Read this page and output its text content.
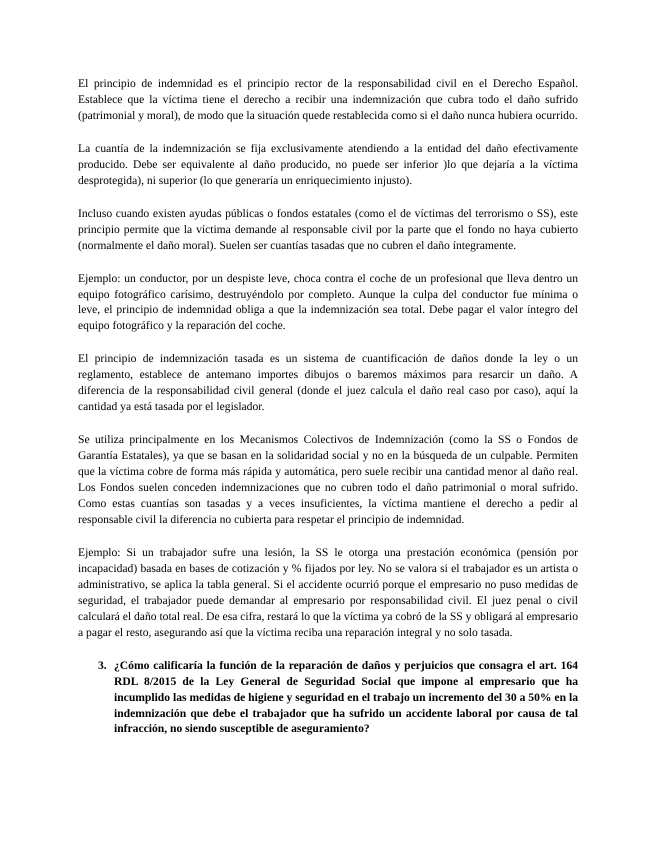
El principio de indemnidad es el principio rector de la responsabilidad civil en el Derecho Español. Establece que la víctima tiene el derecho a recibir una indemnización que cubra todo el daño sufrido (patrimonial y moral), de modo que la situación quede restablecida como si el daño nunca hubiera ocurrido.

La cuantía de la indemnización se fija exclusivamente atendiendo a la entidad del daño efectivamente producido. Debe ser equivalente al daño producido, no puede ser inferior )lo que dejaría a la víctima desprotegida), ni superior (lo que generaría un enriquecimiento injusto).

Incluso cuando existen ayudas públicas o fondos estatales (como el de víctimas del terrorismo o SS), este principio permite que la víctima demande al responsable civil por la parte que el fondo no haya cubierto (normalmente el daño moral). Suelen ser cuantías tasadas que no cubren el daño íntegramente.

Ejemplo: un conductor, por un despiste leve, choca contra el coche de un profesional que lleva dentro un equipo fotográfico carísimo, destruyéndolo por completo. Aunque la culpa del conductor fue mínima o leve, el principio de indemnidad obliga a que la indemnización sea total. Debe pagar el valor íntegro del equipo fotográfico y la reparación del coche.

El principio de indemnización tasada es un sistema de cuantificación de daños donde la ley o un reglamento, establece de antemano importes dibujos o baremos máximos para resarcir un daño. A diferencia de la responsabilidad civil general (donde el juez calcula el daño real caso por caso), aquí la cantidad ya está tasada por el legislador.

Se utiliza principalmente en los Mecanismos Colectivos de Indemnización (como la SS o Fondos de Garantía Estatales), ya que se basan en la solidaridad social y no en la búsqueda de un culpable. Permiten que la víctima cobre de forma más rápida y automática, pero suele recibir una cantidad menor al daño real. Los Fondos suelen conceden indemnizaciones que no cubren todo el daño patrimonial o moral sufrido. Como estas cuantías son tasadas y a veces insuficientes, la víctima mantiene el derecho a pedir al responsable civil la diferencia no cubierta para respetar el principio de indemnidad.

Ejemplo: Si un trabajador sufre una lesión, la SS le otorga una prestación económica (pensión por incapacidad) basada en bases de cotización y % fijados por ley. No se valora si el trabajador es un artista o administrativo, se aplica la tabla general. Si el accidente ocurrió porque el empresario no puso medidas de seguridad, el trabajador puede demandar al empresario por responsabilidad civil. El juez penal o civil calculará el daño total real. De esa cifra, restará lo que la víctima ya cobró de la SS y obligará al empresario a pagar el resto, asegurando así que la víctima reciba una reparación integral y no solo tasada.

3. ¿Cómo calificaría la función de la reparación de daños y perjuicios que consagra el art. 164 RDL 8/2015 de la Ley General de Seguridad Social que impone al empresario que ha incumplido las medidas de higiene y seguridad en el trabajo un incremento del 30 a 50% en la indemnización que debe el trabajador que ha sufrido un accidente laboral por causa de tal infracción, no siendo susceptible de aseguramiento?
